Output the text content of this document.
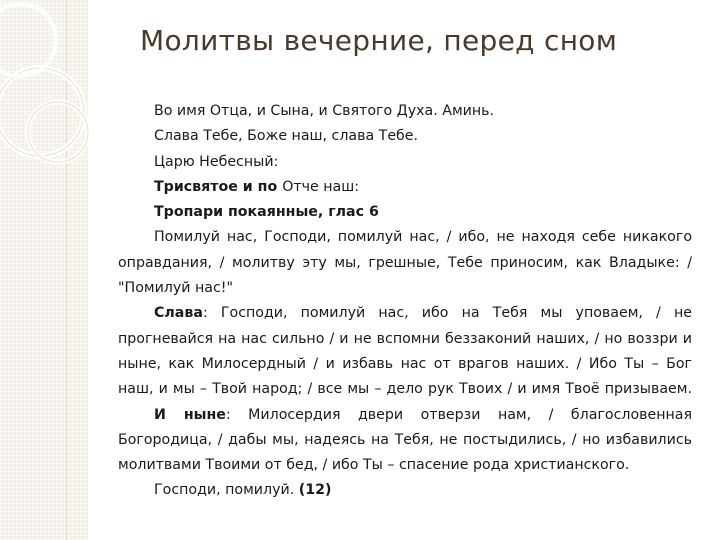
Молитвы вечерние, перед сном
Во имя Отца, и Сына, и Святого Духа. Аминь.
Слава Тебе, Боже наш, слава Тебе.
Царю Небесный:
Трисвятое и по Отче наш:
Тропари покаянные, глас 6
Помилуй нас, Господи, помилуй нас, / ибо, не находя себе никакого
оправдания, / молитву эту мы, грешные, Тебе приносим, как Владыке: /
"Помилуй нас!"
Слава: Господи, помилуй нас, ибо на Тебя мы уповаем, / не
прогневайся на нас сильно / и не вспомни беззаконий наших, / но воззри и
ныне, как Милосердный / и избавь нас от врагов наших. / Ибо Ты – Бог
наш, и мы – Твой народ; / все мы – дело рук Твоих / и имя Твоё призываем.
И ныне: Милосердия двери отверзи нам, / благословенная
Богородица, / дабы мы, надеясь на Тебя, не постыдились, / но избавились
молитвами Твоими от бед, / ибо Ты – спасение рода христианского.
Господи, помилуй. (12)
